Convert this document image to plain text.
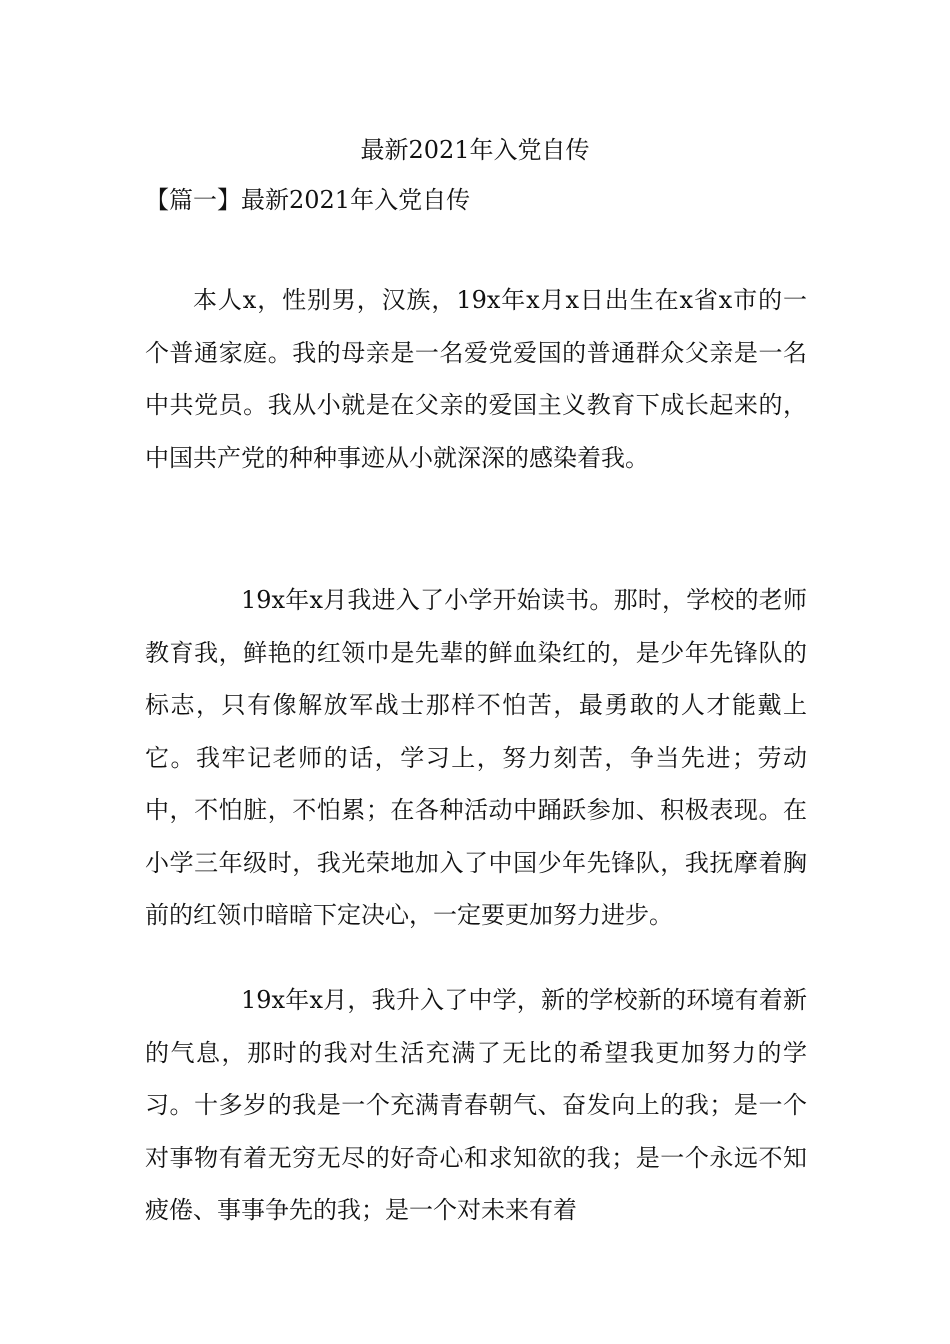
最新2021年入党自传
【篇一】最新2021年入党自传

本人x，性别男，汉族，19x年x月x日出生在x省x市的一个普通家庭。我的母亲是一名爱党爱国的普通群众父亲是一名中共党员。我从小就是在父亲的爱国主义教育下成长起来的，中国共产党的种种事迹从小就深深的感染着我。

19x年x月我进入了小学开始读书。那时，学校的老师教育我，鲜艳的红领巾是先辈的鲜血染红的，是少年先锋队的标志，只有像解放军战士那样不怕苦，最勇敢的人才能戴上它。我牢记老师的话，学习上，努力刻苦，争当先进；劳动中，不怕脏，不怕累；在各种活动中踊跃参加、积极表现。在小学三年级时，我光荣地加入了中国少年先锋队，我抚摩着胸前的红领巾暗暗下定决心，一定要更加努力进步。

19x年x月，我升入了中学，新的学校新的环境有着新的气息，那时的我对生活充满了无比的希望我更加努力的学习。十多岁的我是一个充满青春朝气、奋发向上的我；是一个对事物有着无穷无尽的好奇心和求知欲的我；是一个永远不知疲倦、事事争先的我；是一个对未来有着
